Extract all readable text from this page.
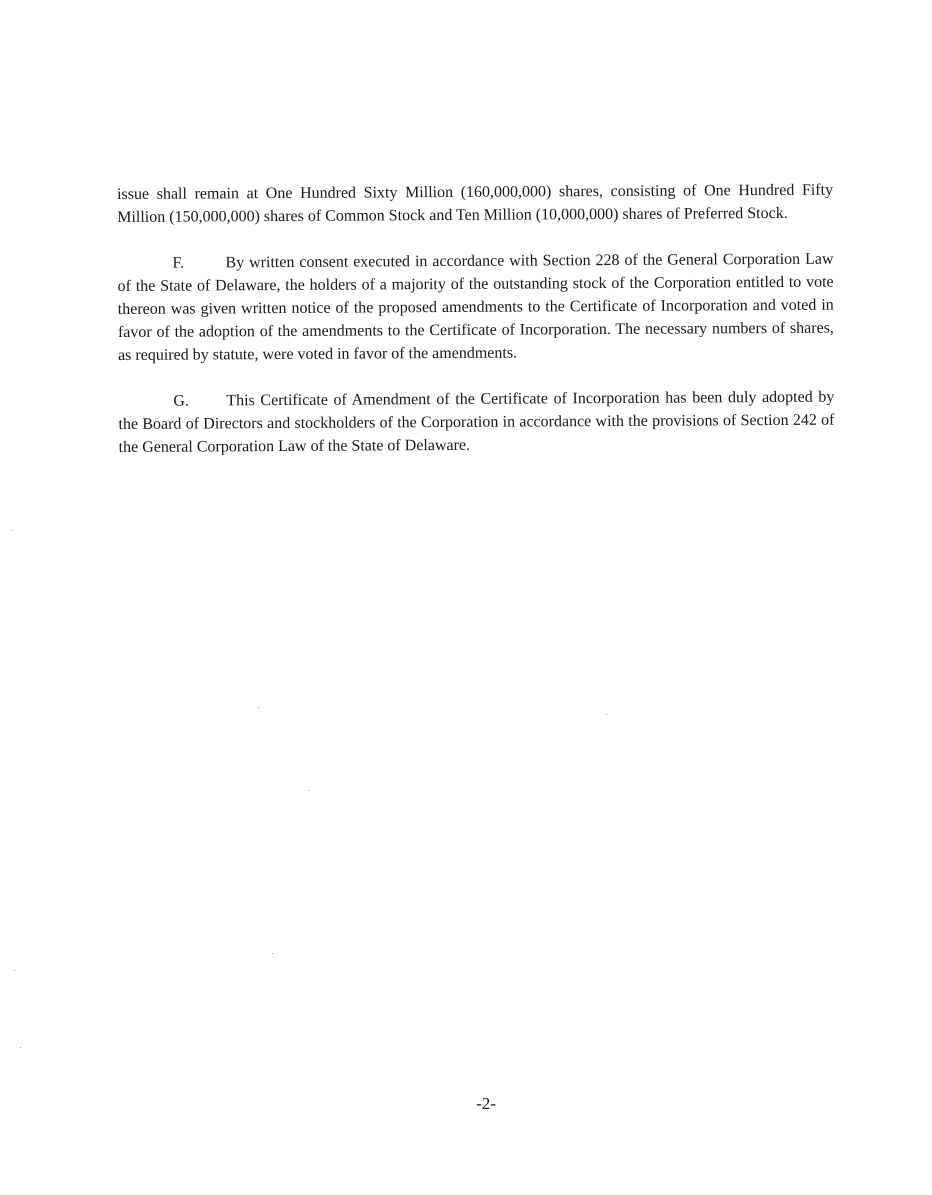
issue shall remain at One Hundred Sixty Million (160,000,000) shares, consisting of One Hundred Fifty Million (150,000,000) shares of Common Stock and Ten Million (10,000,000) shares of Preferred Stock.

F.	By written consent executed in accordance with Section 228 of the General Corporation Law of the State of Delaware, the holders of a majority of the outstanding stock of the Corporation entitled to vote thereon was given written notice of the proposed amendments to the Certificate of Incorporation and voted in favor of the adoption of the amendments to the Certificate of Incorporation. The necessary numbers of shares, as required by statute, were voted in favor of the amendments.

G. This Certificate of Amendment of the Certificate of Incorporation has been duly adopted by the Board of Directors and stockholders of the Corporation in accordance with the provisions of Section 242 of the General Corporation Law of the State of Delaware.

-2-
